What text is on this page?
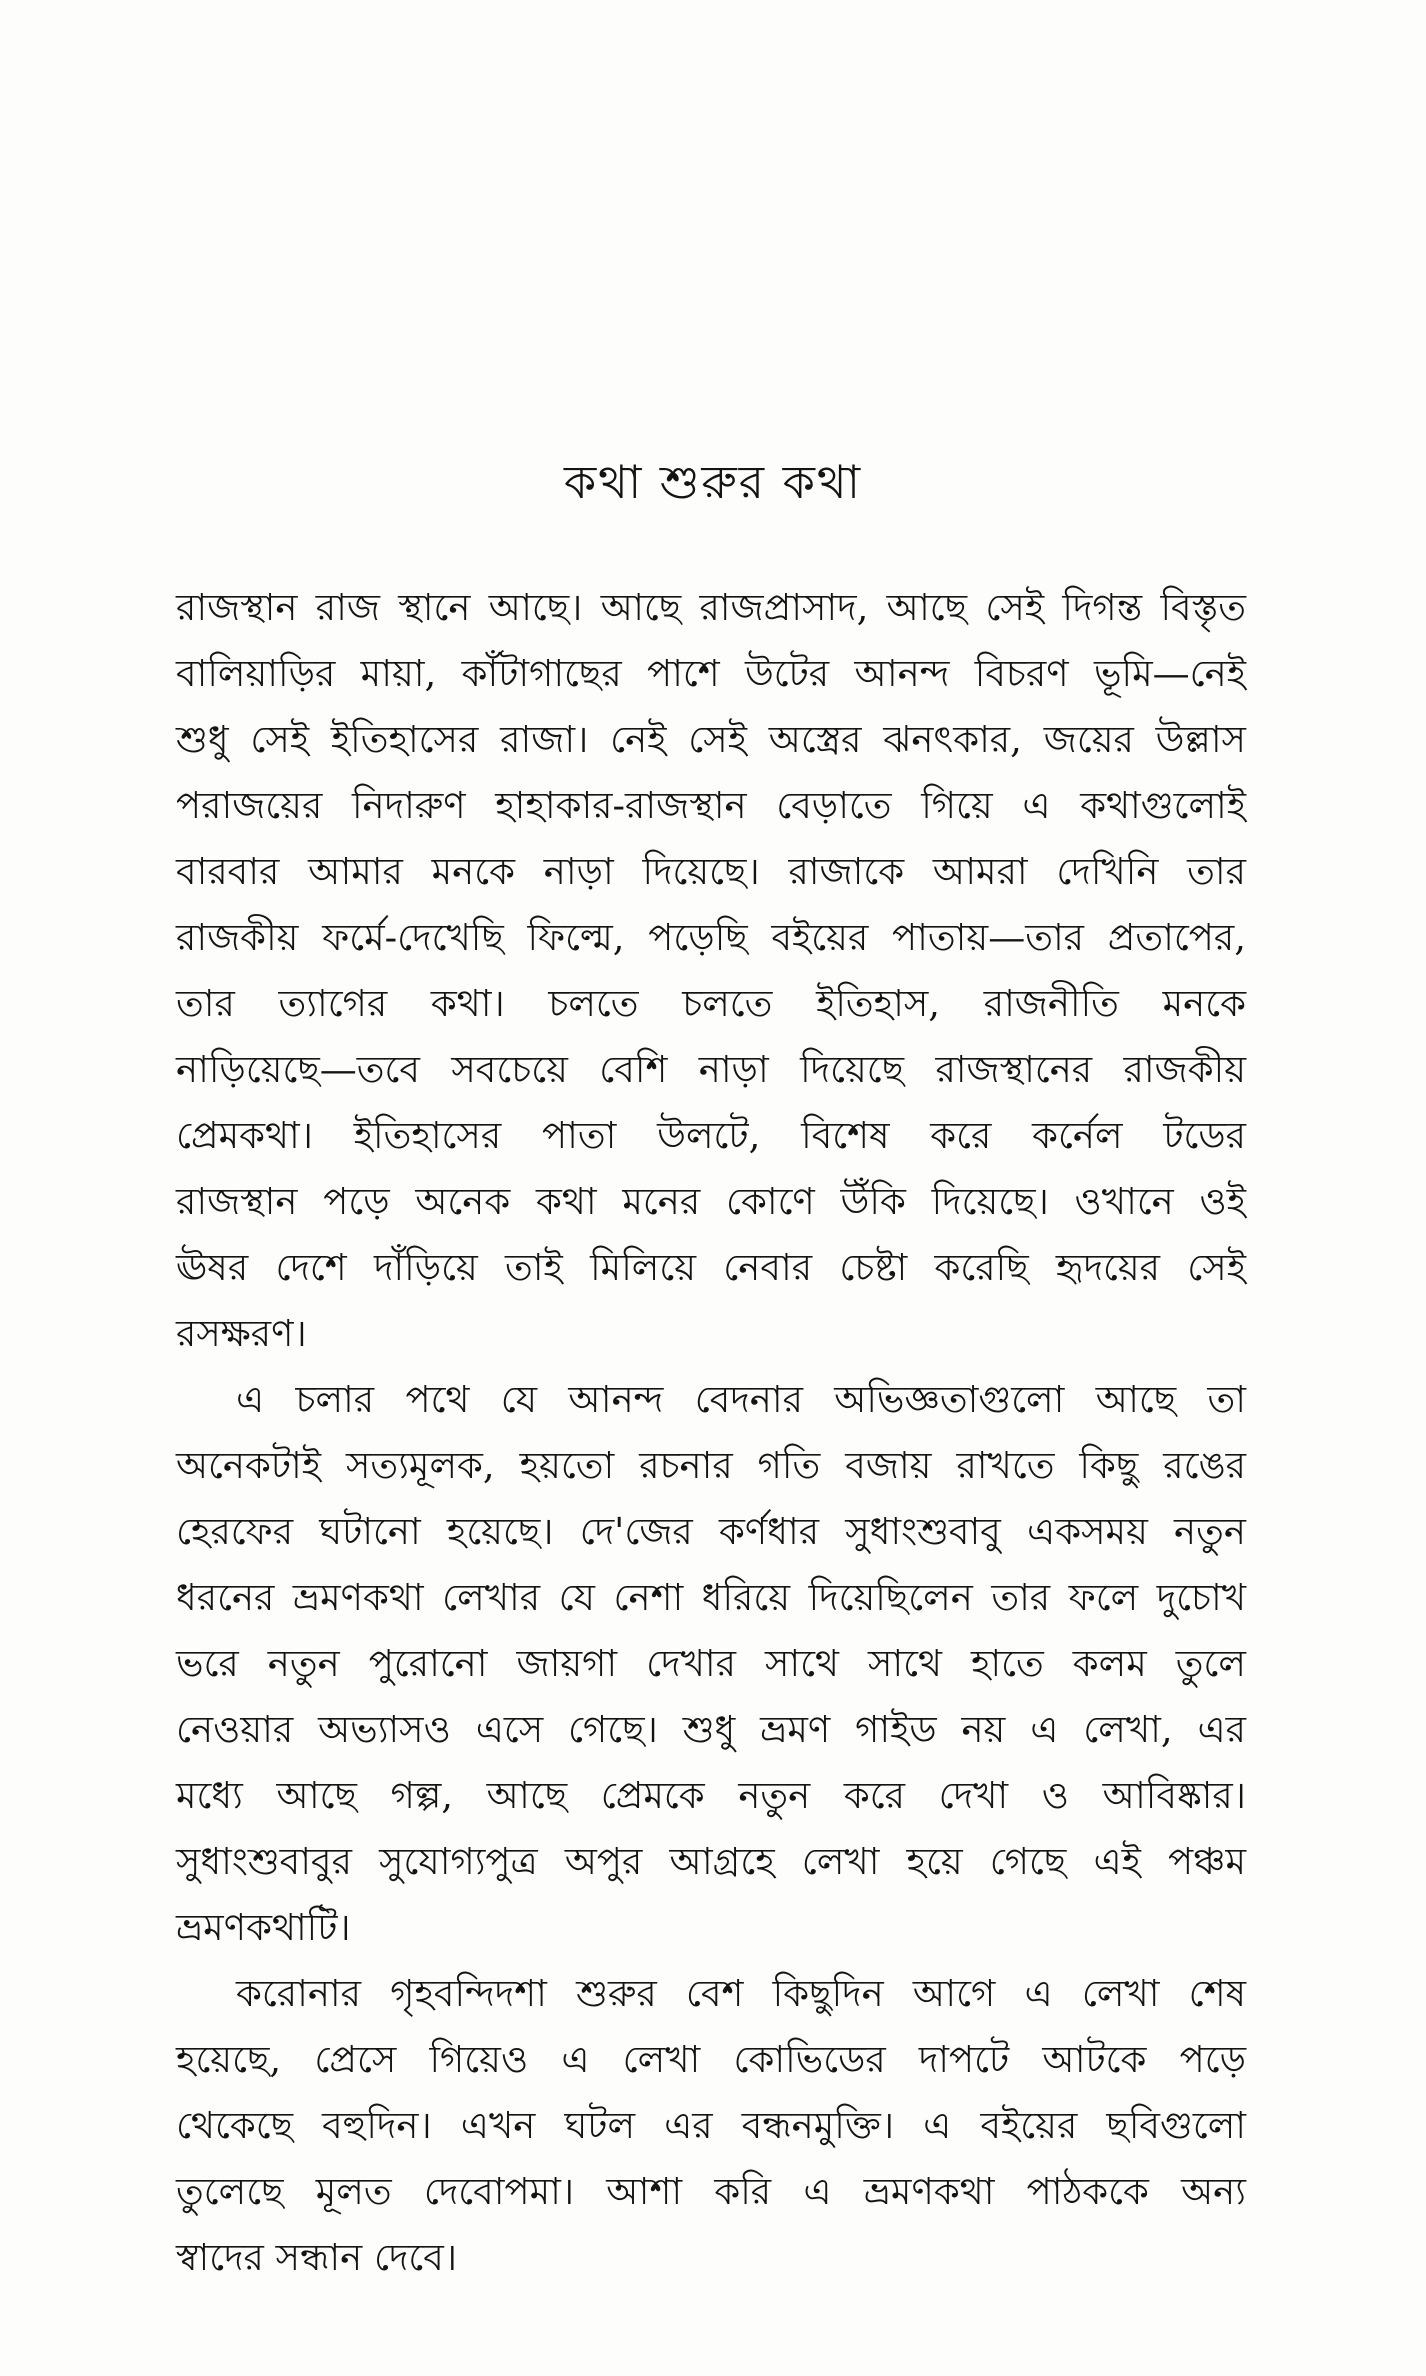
কথা শুরুর কথা

রাজস্থান রাজ স্থানে আছে। আছে রাজপ্রাসাদ, আছে সেই দিগন্ত বিস্তৃত
বালিয়াড়ির মায়া, কাঁটাগাছের পাশে উটের আনন্দ বিচরণ ভূমি—নেই
শুধু সেই ইতিহাসের রাজা। নেই সেই অস্ত্রের ঝনৎকার, জয়ের উল্লাস
পরাজয়ের নিদারুণ হাহাকার-রাজস্থান বেড়াতে গিয়ে এ কথাগুলোই
বারবার আমার মনকে নাড়া দিয়েছে। রাজাকে আমরা দেখিনি তার
রাজকীয় ফর্মে-দেখেছি ফিল্মে, পড়েছি বইয়ের পাতায়—তার প্রতাপের,
তার ত্যাগের কথা। চলতে চলতে ইতিহাস, রাজনীতি মনকে
নাড়িয়েছে—তবে সবচেয়ে বেশি নাড়া দিয়েছে রাজস্থানের রাজকীয়
প্রেমকথা। ইতিহাসের পাতা উলটে, বিশেষ করে কর্নেল টডের
রাজস্থান পড়ে অনেক কথা মনের কোণে উঁকি দিয়েছে। ওখানে ওই
ঊষর দেশে দাঁড়িয়ে তাই মিলিয়ে নেবার চেষ্টা করেছি হৃদয়ের সেই
রসক্ষরণ।

এ চলার পথে যে আনন্দ বেদনার অভিজ্ঞতাগুলো আছে তা
অনেকটাই সত্যমূলক, হয়তো রচনার গতি বজায় রাখতে কিছু রঙের
হেরফের ঘটানো হয়েছে। দে'জের কর্ণধার সুধাংশুবাবু একসময় নতুন
ধরনের ভ্রমণকথা লেখার যে নেশা ধরিয়ে দিয়েছিলেন তার ফলে দুচোখ
ভরে নতুন পুরোনো জায়গা দেখার সাথে সাথে হাতে কলম তুলে
নেওয়ার অভ্যাসও এসে গেছে। শুধু ভ্রমণ গাইড নয় এ লেখা, এর
মধ্যে আছে গল্প, আছে প্রেমকে নতুন করে দেখা ও আবিষ্কার।
সুধাংশুবাবুর সুযোগ্যপুত্র অপুর আগ্রহে লেখা হয়ে গেছে এই পঞ্চম
ভ্রমণকথাটি।

করোনার গৃহবন্দিদশা শুরুর বেশ কিছুদিন আগে এ লেখা শেষ
হয়েছে, প্রেসে গিয়েও এ লেখা কোভিডের দাপটে আটকে পড়ে
থেকেছে বহুদিন। এখন ঘটল এর বন্ধনমুক্তি। এ বইয়ের ছবিগুলো
তুলেছে মূলত দেবোপমা। আশা করি এ ভ্রমণকথা পাঠককে অন্য
স্বাদের সন্ধান দেবে।
